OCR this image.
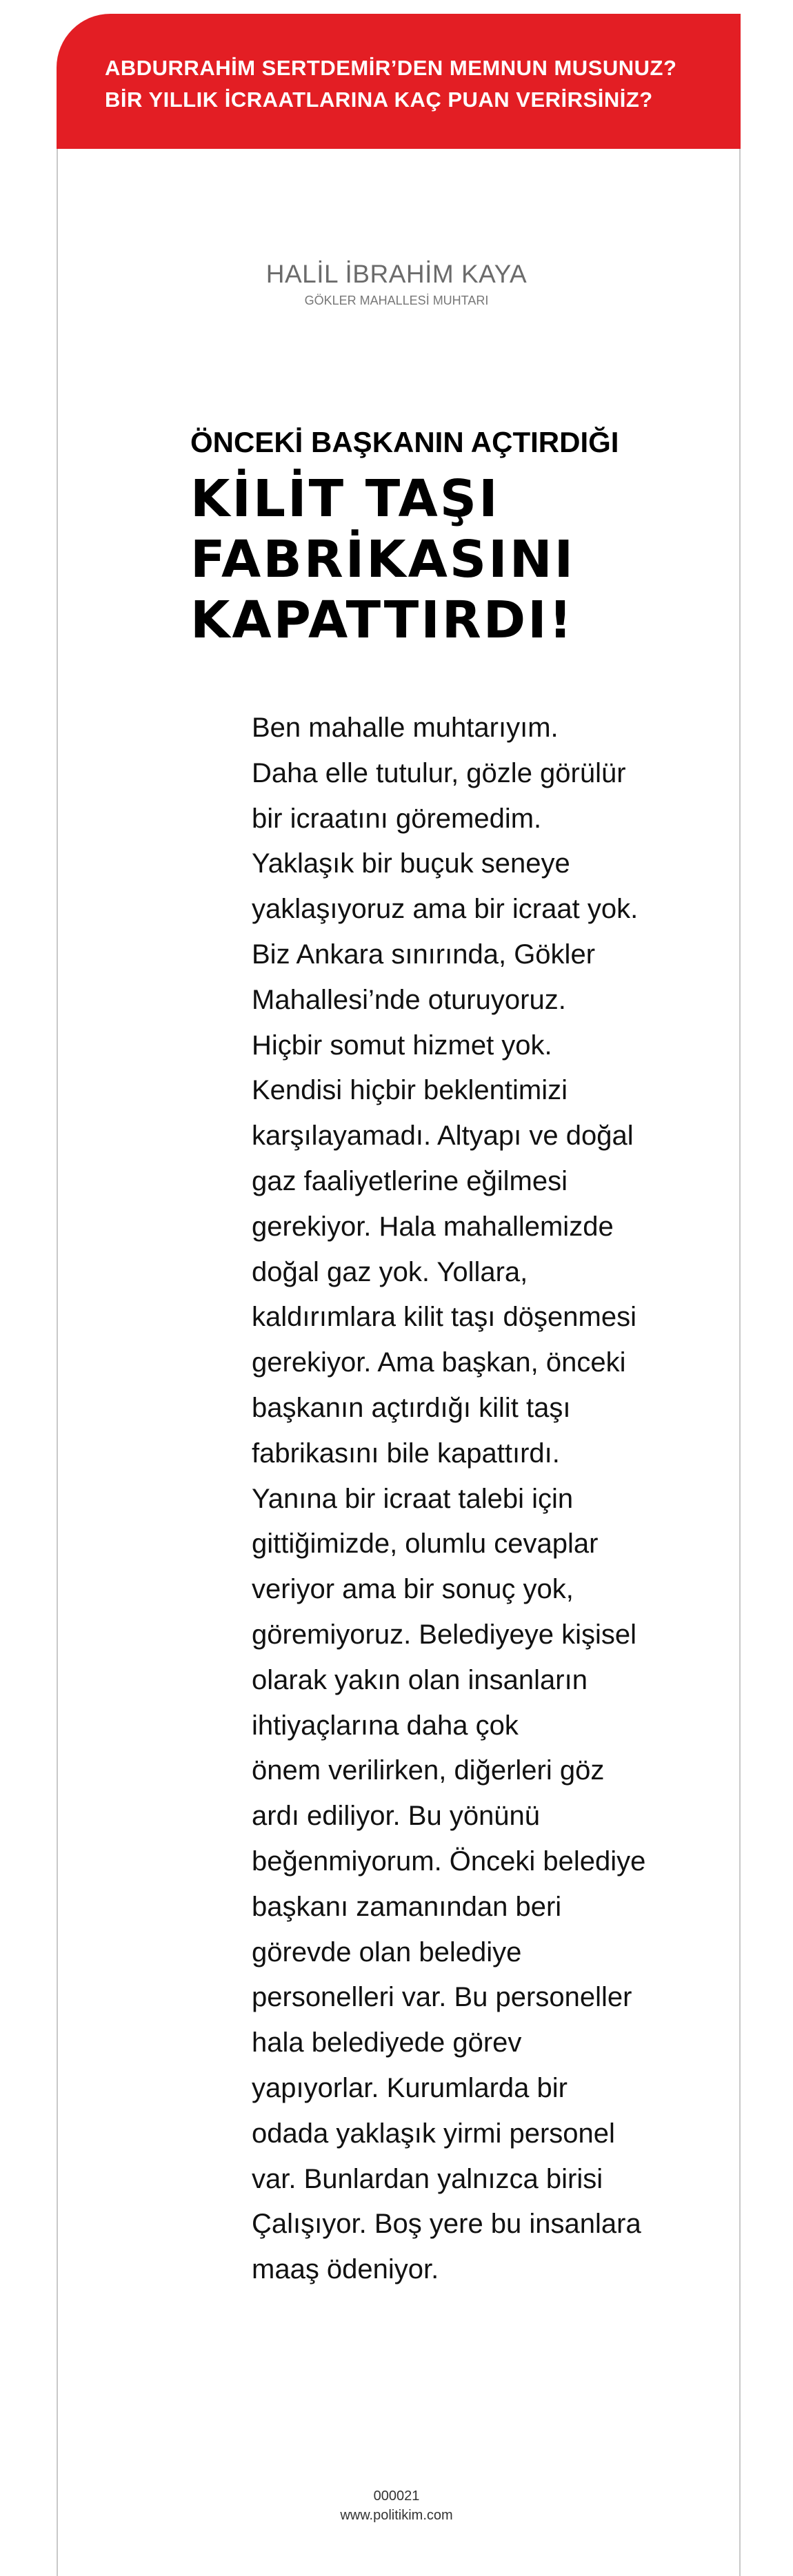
ABDURRAHİM SERTDEMİR’DEN MEMNUN MUSUNUZ?
BİR YILLIK İCRAATLARINA KAÇ PUAN VERİRSİNİZ?
HALİL İBRAHİM KAYA
GÖKLER MAHALLESİ MUHTARI
ÖNCEKİ BAŞKANIN AÇTIRDIĞI
KİLİT TAŞI
FABRİKASINI
KAPATTIRDI!
Ben mahalle muhtarıyım.
Daha elle tutulur, gözle görülür
bir icraatını göremedim.
Yaklaşık bir buçuk seneye
yaklaşıyoruz ama bir icraat yok.
Biz Ankara sınırında, Gökler
Mahallesi’nde oturuyoruz.
Hiçbir somut hizmet yok.
Kendisi hiçbir beklentimizi
karşılayamadı. Altyapı ve doğal
gaz faaliyetlerine eğilmesi
gerekiyor. Hala mahallemizde
doğal gaz yok. Yollara,
kaldırımlara kilit taşı döşenmesi
gerekiyor. Ama başkan, önceki
başkanın açtırdığı kilit taşı
fabrikasını bile kapattırdı.
Yanına bir icraat talebi için
gittiğimizde, olumlu cevaplar
veriyor ama bir sonuç yok,
göremiyoruz. Belediyeye kişisel
olarak yakın olan insanların
ihtiyaçlarına daha çok
önem verilirken, diğerleri göz
ardı ediliyor. Bu yönünü
beğenmiyorum. Önceki belediye
başkanı zamanından beri
görevde olan belediye
personelleri var. Bu personeller
hala belediyede görev
yapıyorlar. Kurumlarda bir
odada yaklaşık yirmi personel
var. Bunlardan yalnızca birisi
Çalışıyor. Boş yere bu insanlara
maaş ödeniyor.
000021
www.politikim.com
